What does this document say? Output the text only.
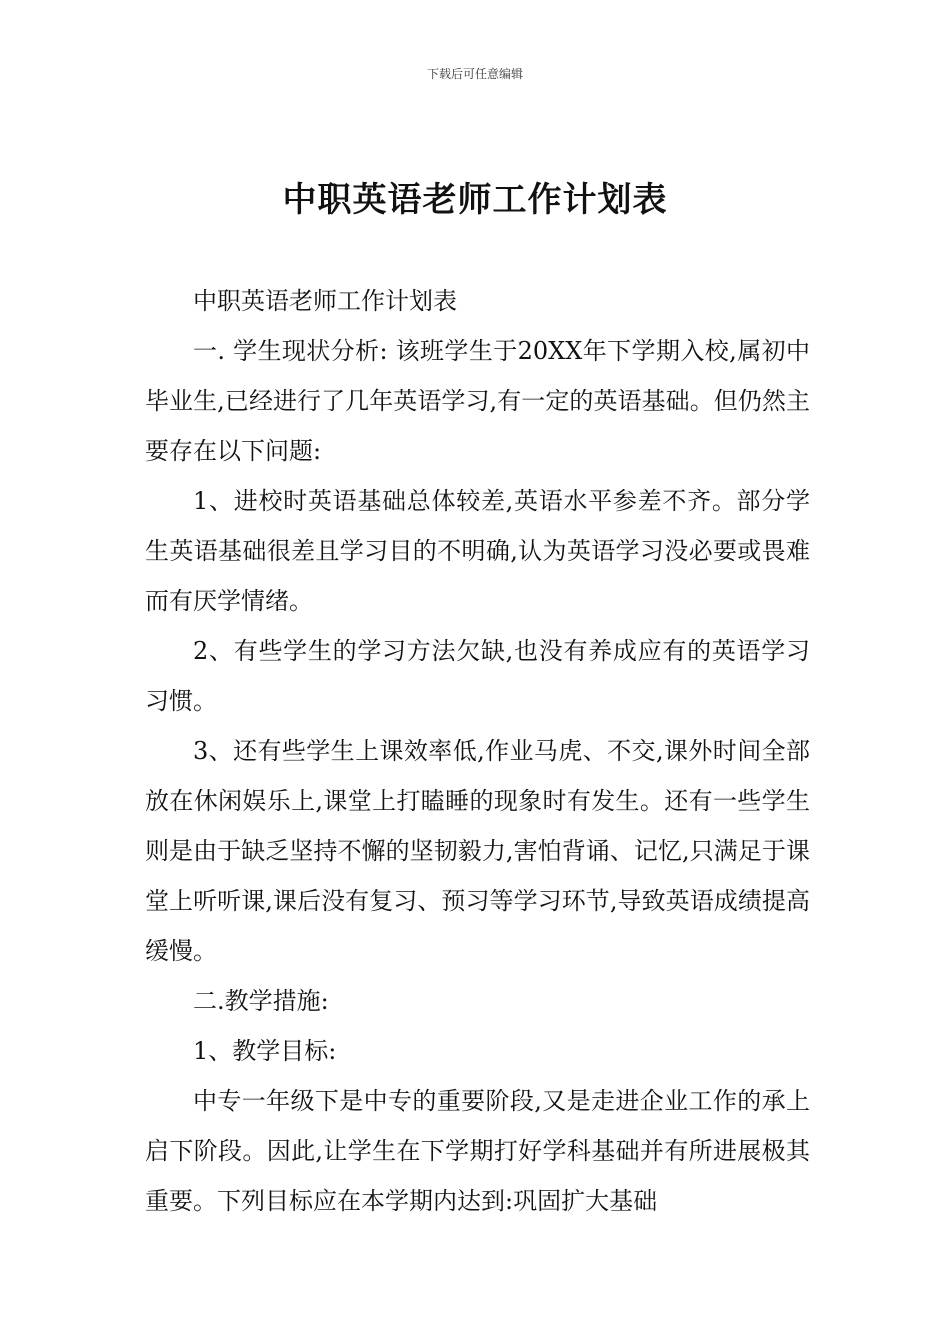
下载后可任意编辑
中职英语老师工作计划表

中职英语老师工作计划表

一. 学生现状分析: 该班学生于20XX年下学期入校,属初中毕业生,已经进行了几年英语学习,有一定的英语基础。但仍然主要存在以下问题:

1、进校时英语基础总体较差,英语水平参差不齐。部分学生英语基础很差且学习目的不明确,认为英语学习没必要或畏难而有厌学情绪。

2、有些学生的学习方法欠缺,也没有养成应有的英语学习习惯。

3、还有些学生上课效率低,作业马虎、不交,课外时间全部放在休闲娱乐上,课堂上打瞌睡的现象时有发生。还有一些学生则是由于缺乏坚持不懈的坚韧毅力,害怕背诵、记忆,只满足于课堂上听听课,课后没有复习、预习等学习环节,导致英语成绩提高缓慢。

二.教学措施:

1、教学目标:

中专一年级下是中专的重要阶段,又是走进企业工作的承上启下阶段。因此,让学生在下学期打好学科基础并有所进展极其重要。下列目标应在本学期内达到:巩固扩大基础
